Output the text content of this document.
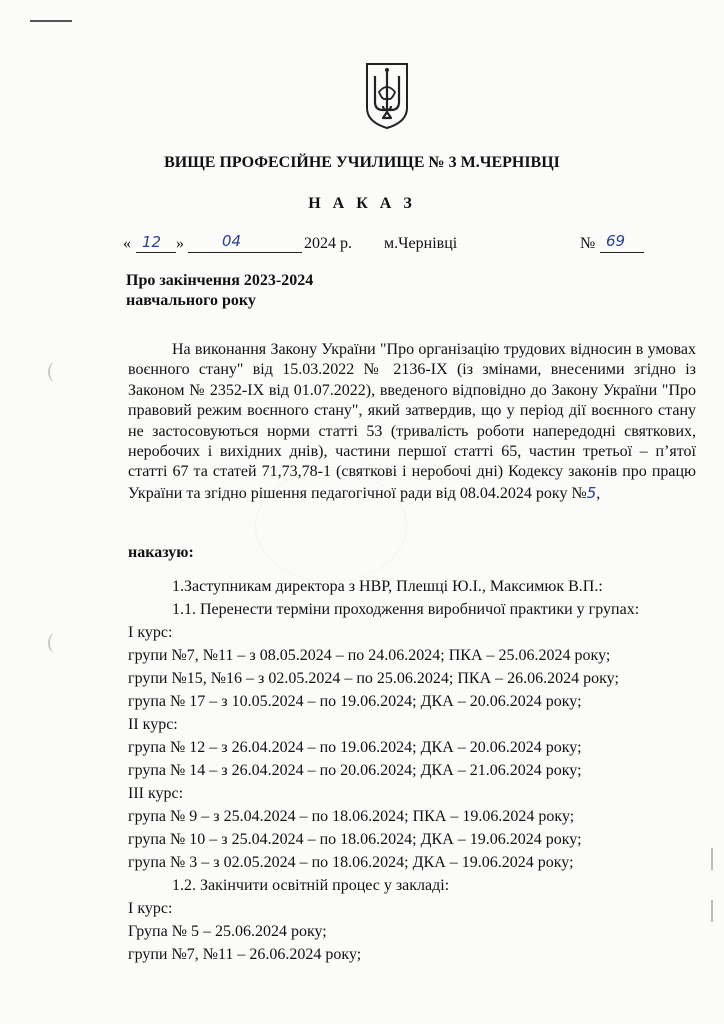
ВИЩЕ ПРОФЕСІЙНЕ УЧИЛИЩЕ № 3 М.ЧЕРНІВЦІ
Н А К А З
« 12 »	04	2024 р. м.Чернівці	№ 69
Про закінчення 2023-2024
навчального року
На виконання Закону України "Про організацію трудових відносин в умовах воєнного стану" від 15.03.2022 № 2136-IX (із змінами, внесеними згідно із Законом № 2352-IX від 01.07.2022), введеного відповідно до Закону України "Про правовий режим воєнного стану", який затвердив, що у період дії воєнного стану не застосовуються норми статті 53 (тривалість роботи напередодні святкових, неробочих і вихідних днів), частини першої статті 65, частин третьої – п’ятої статті 67 та статей 71,73,78-1 (святкові і неробочі дні) Кодексу законів про працю України та згідно рішення педагогічної ради від 08.04.2024 року №5,
наказую:
1.Заступникам директора з НВР, Плешці Ю.І., Максимюк В.П.:
1.1. Перенести терміни проходження виробничої практики у групах:
I курс:
групи №7, №11 – з 08.05.2024 – по 24.06.2024; ПКА – 25.06.2024 року;
групи №15, №16 – з 02.05.2024 – по 25.06.2024; ПКА – 26.06.2024 року;
група № 17 – з 10.05.2024 – по 19.06.2024; ДКА – 20.06.2024 року;
II курс:
група № 12 – з 26.04.2024 – по 19.06.2024; ДКА – 20.06.2024 року;
група № 14 – з 26.04.2024 – по 20.06.2024; ДКА – 21.06.2024 року;
III курс:
група № 9 – з 25.04.2024 – по 18.06.2024; ПКА – 19.06.2024 року;
група № 10 – з 25.04.2024 – по 18.06.2024; ДКА – 19.06.2024 року;
група № 3 – з 02.05.2024 – по 18.06.2024; ДКА – 19.06.2024 року;
1.2. Закінчити освітній процес у закладі:
I курс:
Група № 5 – 25.06.2024 року;
групи №7, №11 – 26.06.2024 року;
